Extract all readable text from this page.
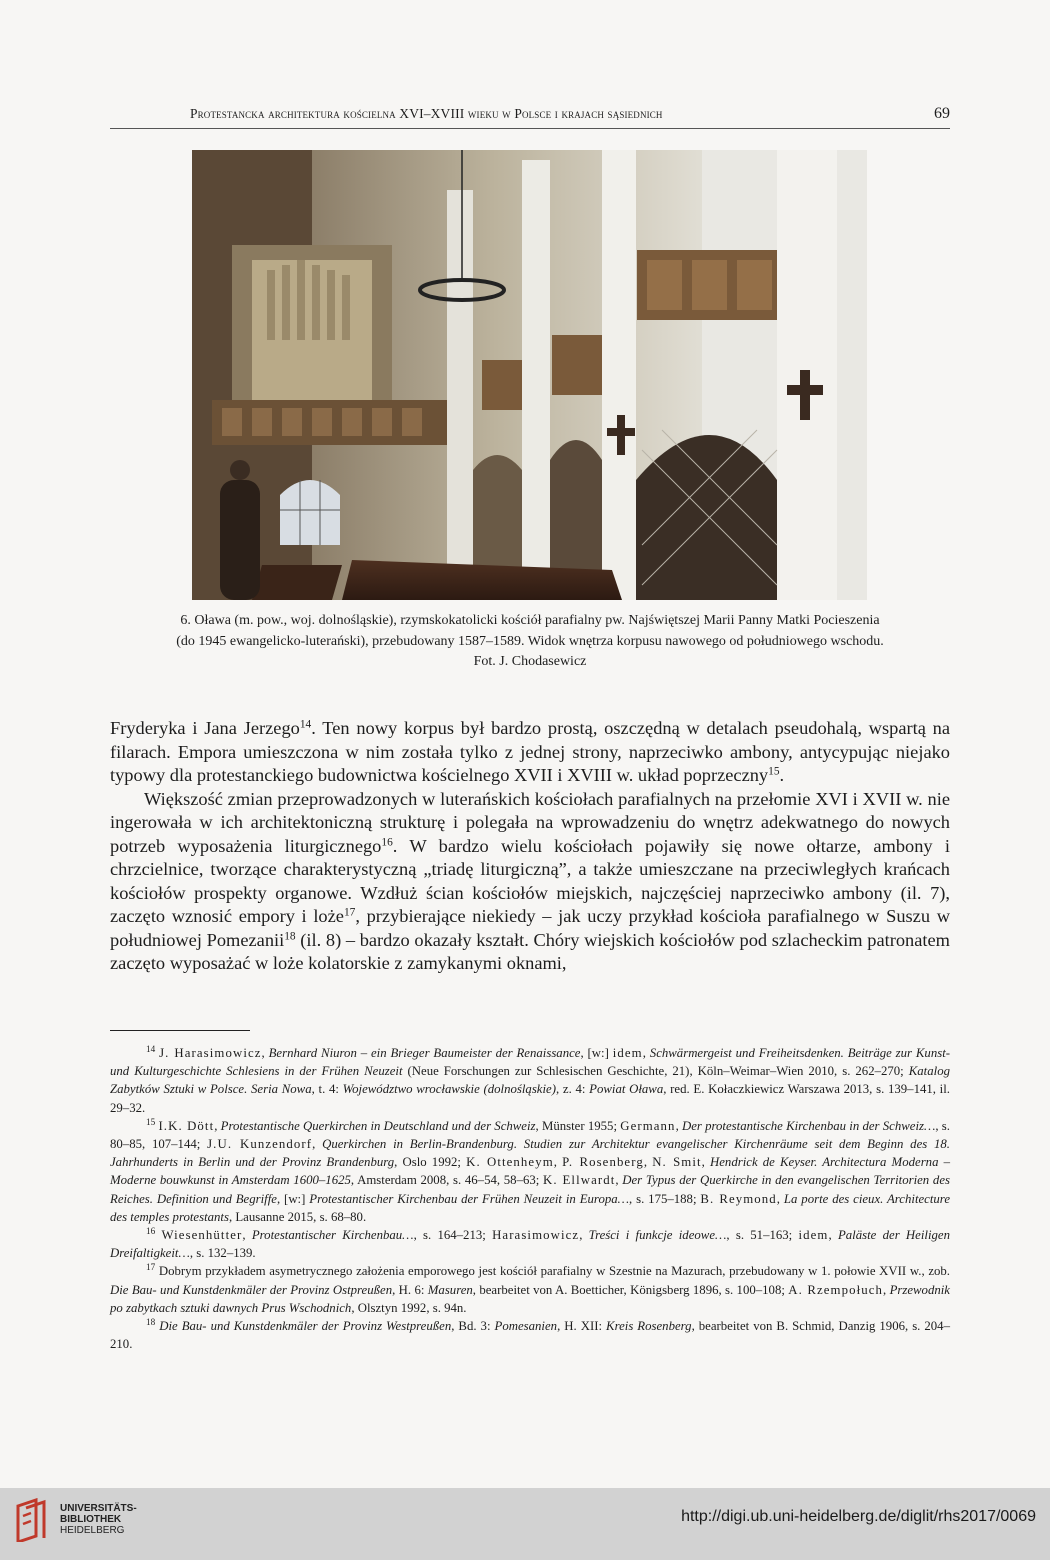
Protestancka architektura kościelna XVI–XVIII wieku w Polsce i krajach sąsiednich	69
6. Oława (m. pow., woj. dolnośląskie), rzymskokatolicki kościół parafialny pw. Najświętszej Marii Panny Matki Pocieszenia
(do 1945 ewangelicko-luterański), przebudowany 1587–1589. Widok wnętrza korpusu nawowego od południowego wschodu.
Fot. J. Chodasewicz

Fryderyka i Jana Jerzego$^{14}$. Ten nowy korpus był bardzo prostą, oszczędną w detalach pseudohalą, wspartą na filarach. Empora umieszczona w nim została tylko z jednej strony, naprzeciwko ambony, antycypując niejako typowy dla protestanckiego budownictwa kościelnego XVII i XVIII w. układ poprzeczny$^{15}$.

Większość zmian przeprowadzonych w luterańskich kościołach parafialnych na przełomie XVI i XVII w. nie ingerowała w ich architektoniczną strukturę i polegała na wprowadzeniu do wnętrz adekwatnego do nowych potrzeb wyposażenia liturgicznego$^{16}$. W bardzo wielu kościołach pojawiły się nowe ołtarze, ambony i chrzcielnice, tworzące charakterystyczną „triadę liturgiczną”, a także umieszczane na przeciwległych krańcach kościołów prospekty organowe. Wzdłuż ścian kościołów miejskich, najczęściej naprzeciwko ambony (il. 7), zaczęto wznosić empory i loże$^{17}$, przybierające niekiedy – jak uczy przykład kościoła parafialnego w Suszu w południowej Pomezanii$^{18}$ (il. 8) – bardzo okazały kształt. Chóry wiejskich kościołów pod szlacheckim patronatem zaczęto wyposażać w loże kolatorskie z zamykanymi oknami,

$^{14}$ J. Harasimowicz, Bernhard Niuron – ein Brieger Baumeister der Renaissance, [w:] idem, Schwärmergeist und Freiheitsdenken. Beiträge zur Kunst- und Kulturgeschichte Schlesiens in der Frühen Neuzeit (Neue Forschungen zur Schlesischen Geschichte, 21), Köln–Weimar–Wien 2010, s. 262–270; Katalog Zabytków Sztuki w Polsce. Seria Nowa, t. 4: Województwo wrocławskie (dolnośląskie), z. 4: Powiat Oława, red. E. Kołaczkiewicz Warszawa 2013, s. 139–141, il. 29–32.

$^{15}$ I.K. Dött, Protestantische Querkirchen in Deutschland und der Schweiz, Münster 1955; Germann, Der protestantische Kirchenbau in der Schweiz…, s. 80–85, 107–144; J.U. Kunzendorf, Querkirchen in Berlin-Brandenburg. Studien zur Architektur evangelischer Kirchenräume seit dem Beginn des 18. Jahrhunderts in Berlin und der Provinz Brandenburg, Oslo 1992; K. Ottenheym, P. Rosenberg, N. Smit, Hendrick de Keyser. Architectura Moderna – Moderne bouwkunst in Amsterdam 1600–1625, Amsterdam 2008, s. 46–54, 58–63; K. Ellwardt, Der Typus der Querkirche in den evangelischen Territorien des Reiches. Definition und Begriffe, [w:] Protestantischer Kirchenbau der Frühen Neuzeit in Europa…, s. 175–188; B. Reymond, La porte des cieux. Architecture des temples protestants, Lausanne 2015, s. 68–80.

$^{16}$ Wiesenhütter, Protestantischer Kirchenbau…, s. 164–213; Harasimowicz, Treści i funkcje ideowe…, s. 51–163; idem, Paläste der Heiligen Dreifaltigkeit…, s. 132–139.

$^{17}$ Dobrym przykładem asymetrycznego założenia emporowego jest kościół parafialny w Szestnie na Mazurach, przebudowany w 1. połowie XVII w., zob. Die Bau- und Kunstdenkmäler der Provinz Ostpreußen, H. 6: Masuren, bearbeitet von A. Boetticher, Königsberg 1896, s. 100–108; A. Rzempołuch, Przewodnik po zabytkach sztuki dawnych Prus Wschodnich, Olsztyn 1992, s. 94n.

$^{18}$ Die Bau- und Kunstdenkmäler der Provinz Westpreußen, Bd. 3: Pomesanien, H. XII: Kreis Rosenberg, bearbeitet von B. Schmid, Danzig 1906, s. 204–210.

UNIVERSITÄTS-
BIBLIOTHEK
HEIDELBERG
http://digi.ub.uni-heidelberg.de/diglit/rhs2017/0069
